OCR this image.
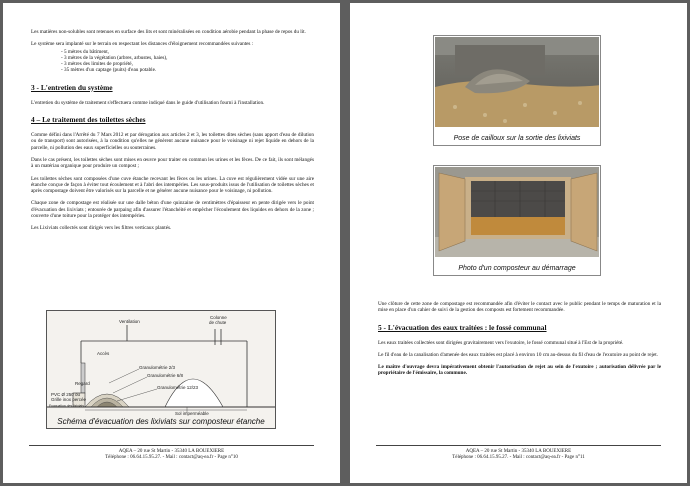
Les matières non-solubles sont retenues en surface des lits et sont minéralisées en condition aérobie pendant la phase de repos du lit.

Le système sera implanté sur le terrain en respectant les distances d'éloignement recommandées suivantes :

- 5 mètres du bâtiment,
- 3 mètres de la végétation (arbres, arbustes, haies),
- 3 mètres des limites de propriété,
- 35 mètres d'un captage (puits) d'eau potable.
3 - L'entretien du système

L'entretien du système de traitement s'effectuera comme indiqué dans le guide d'utilisation fourni à l'installation.

4 – Le traitement des toilettes sèches

Comme défini dans l'Arrêté du 7 Mars 2012 et par dérogation aux articles 2 et 3, les toilettes dites sèches (sans apport d'eau de dilution ou de transport) sont autorisées, à la condition qu'elles ne génèrent aucune nuisance pour le voisinage ni rejet liquide en dehors de la parcelle, ni pollution des eaux superficielles ou souterraines.

Dans le cas présent, les toilettes sèches sont mises en œuvre pour traiter en commun les urines et les fèces. De ce fait, ils sont mélangés à un matériau organique pour produire un compost ;

Les toilettes sèches sont composées d'une cuve étanche recevant les fèces ou les urines. La cuve est régulièrement vidée sur une aire étanche conçue de façon à éviter tout écoulement et à l'abri des intempéries. Les sous-produits issus de l'utilisation de toilettes sèches et après compostage doivent être valorisés sur la parcelle et ne générer aucune nuisance pour le voisinage, ni pollution.

Chaque zone de compostage est réalisée sur une dalle béton d'une quinzaine de centimètres d'épaisseur en pente dirigée vers le point d'évacuation des lixiviats ; entourée de parpaing afin d'assurer l'étanchéité et empêcher l'écoulement des liquides en dehors de la zone ; couverte d'une toiture pour la protéger des intempéries.

Les Lixiviats collectés sont dirigés vers les filtres verticaux plantés.

Ventilation
Colonne
de chute
Accès
Granulométrie 2/3
Granulométrie 6/8
Granulométrie 12/23
Regard
PVC Ø 250 ou
Grille inox percée
Evacuation des lixiviats
Sol imperméable
Schéma d'évacuation des lixiviats sur composteur étanche
AQEA – 20 rue St Martin - 35340 LA BOUEXIERE
Téléphone : 06.64.15.95.27. - Mail : contact@aq-ea.fr - Page n°10
Pose de cailloux sur la sortie des lixiviats
Photo d'un composteur au démarrage

Une clôture de cette zone de compostage est recommandée afin d'éviter le contact avec le public pendant le temps de maturation et la mise en place d'un cahier de suivi de la gestion des composts est fortement recommandée.

5 - L'évacuation des eaux traitées : le fossé communal

Les eaux traitées collectées sont dirigées gravitairement vers l'exutoire, le fossé communal situé à l'Est de la propriété.

Le fil d'eau de la canalisation d'amenée des eaux traitées est placé à environ 10 cm au-dessus du fil d'eau de l'exutoire au point de rejet.

Le maître d'ouvrage devra impérativement obtenir l'autorisation de rejet au sein de l'exutoire ; autorisation délivrée par le propriétaire de l'émissaire, la commune.

AQEA – 20 rue St Martin - 35340 LA BOUEXIERE
Téléphone : 06.64.15.95.27. - Mail : contact@aq-ea.fr - Page n°11
